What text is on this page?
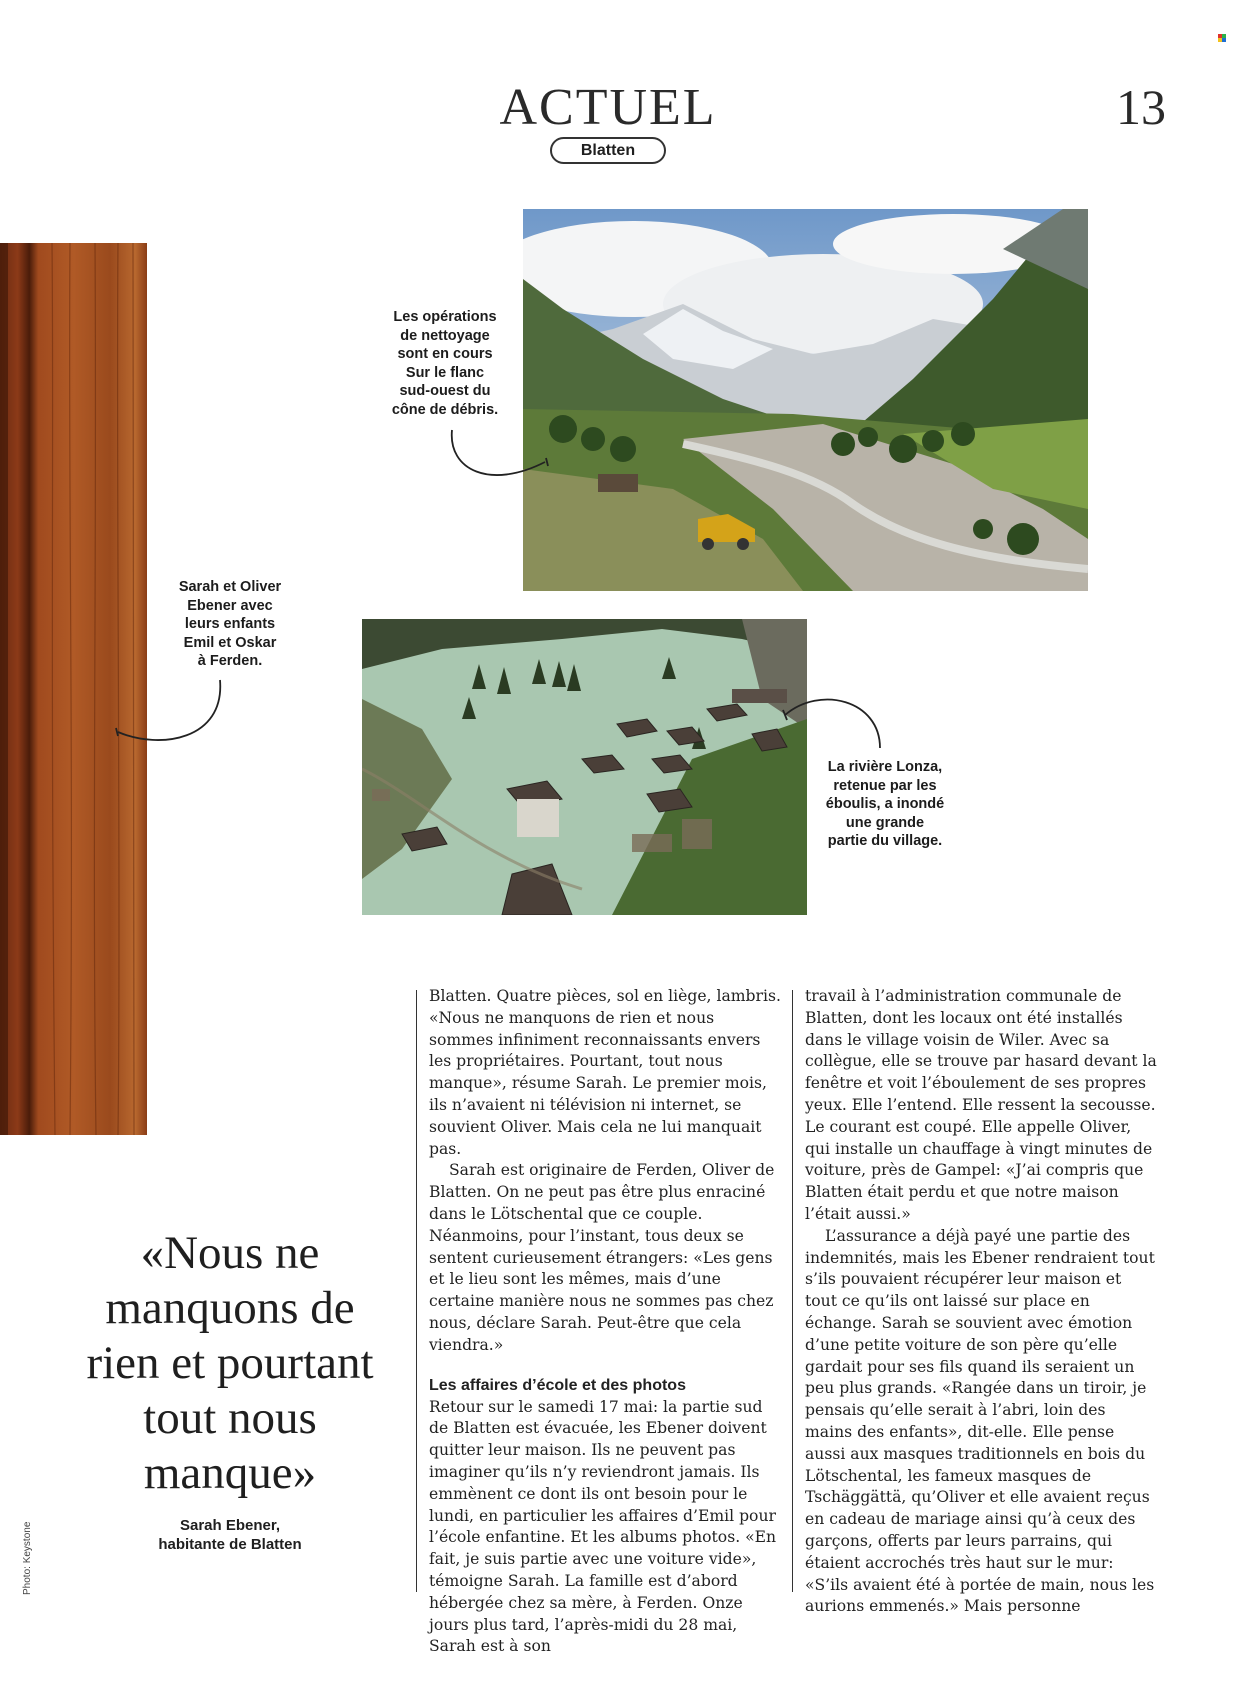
ACTUEL	13
Blatten
Les opérations
de nettoyage
sont en cours
Sur le flanc
sud-ouest du
cône de débris.
Sarah et Oliver
Ebener avec
leurs enfants
Emil et Oskar
à Ferden.
La rivière Lonza,
retenue par les
éboulis, a inondé
une grande
partie du village.
«Nous ne manquons de rien et pourtant tout nous manque»
Sarah Ebener,
habitante de Blatten
Photo: Keystone

Blatten. Quatre pièces, sol en liège, lambris. «Nous ne manquons de rien et nous sommes infiniment reconnaissants envers les propriétaires. Pourtant, tout nous manque», résume Sarah. Le premier mois, ils n’avaient ni télévision ni internet, se souvient Oliver. Mais cela ne lui manquait pas.

Sarah est originaire de Ferden, Oliver de Blatten. On ne peut pas être plus enraciné dans le Lötschental que ce couple. Néanmoins, pour l’instant, tous deux se sentent curieusement étrangers: «Les gens et le lieu sont les mêmes, mais d’une certaine manière nous ne sommes pas chez nous, déclare Sarah. Peut-être que cela viendra.»

Les affaires d’école et des photos

Retour sur le samedi 17 mai: la partie sud de Blatten est évacuée, les Ebener doivent quitter leur maison. Ils ne peuvent pas imaginer qu’ils n’y reviendront jamais. Ils emmènent ce dont ils ont besoin pour le lundi, en particulier les affaires d’Emil pour l’école enfantine. Et les albums photos. «En fait, je suis partie avec une voiture vide», témoigne Sarah. La famille est d’abord hébergée chez sa mère, à Ferden. Onze jours plus tard, l’après-midi du 28 mai, Sarah est à son

travail à l’administration communale de Blatten, dont les locaux ont été installés dans le village voisin de Wiler. Avec sa collègue, elle se trouve par hasard devant la fenêtre et voit l’éboulement de ses propres yeux. Elle l’entend. Elle ressent la secousse. Le courant est coupé. Elle appelle Oliver, qui installe un chauffage à vingt minutes de voiture, près de Gampel: «J’ai compris que Blatten était perdu et que notre maison l’était aussi.»

L’assurance a déjà payé une partie des indemnités, mais les Ebener rendraient tout s’ils pouvaient récupérer leur maison et tout ce qu’ils ont laissé sur place en échange. Sarah se souvient avec émotion d’une petite voiture de son père qu’elle gardait pour ses fils quand ils seraient un peu plus grands. «Rangée dans un tiroir, je pensais qu’elle serait à l’abri, loin des mains des enfants», dit-elle. Elle pense aussi aux masques traditionnels en bois du Lötschental, les fameux masques de Tschäggättä, qu’Oliver et elle avaient reçus en cadeau de mariage ainsi qu’à ceux des garçons, offerts par leurs parrains, qui étaient accrochés très haut sur le mur: «S’ils avaient été à portée de main, nous les aurions emmenés.» Mais personne
